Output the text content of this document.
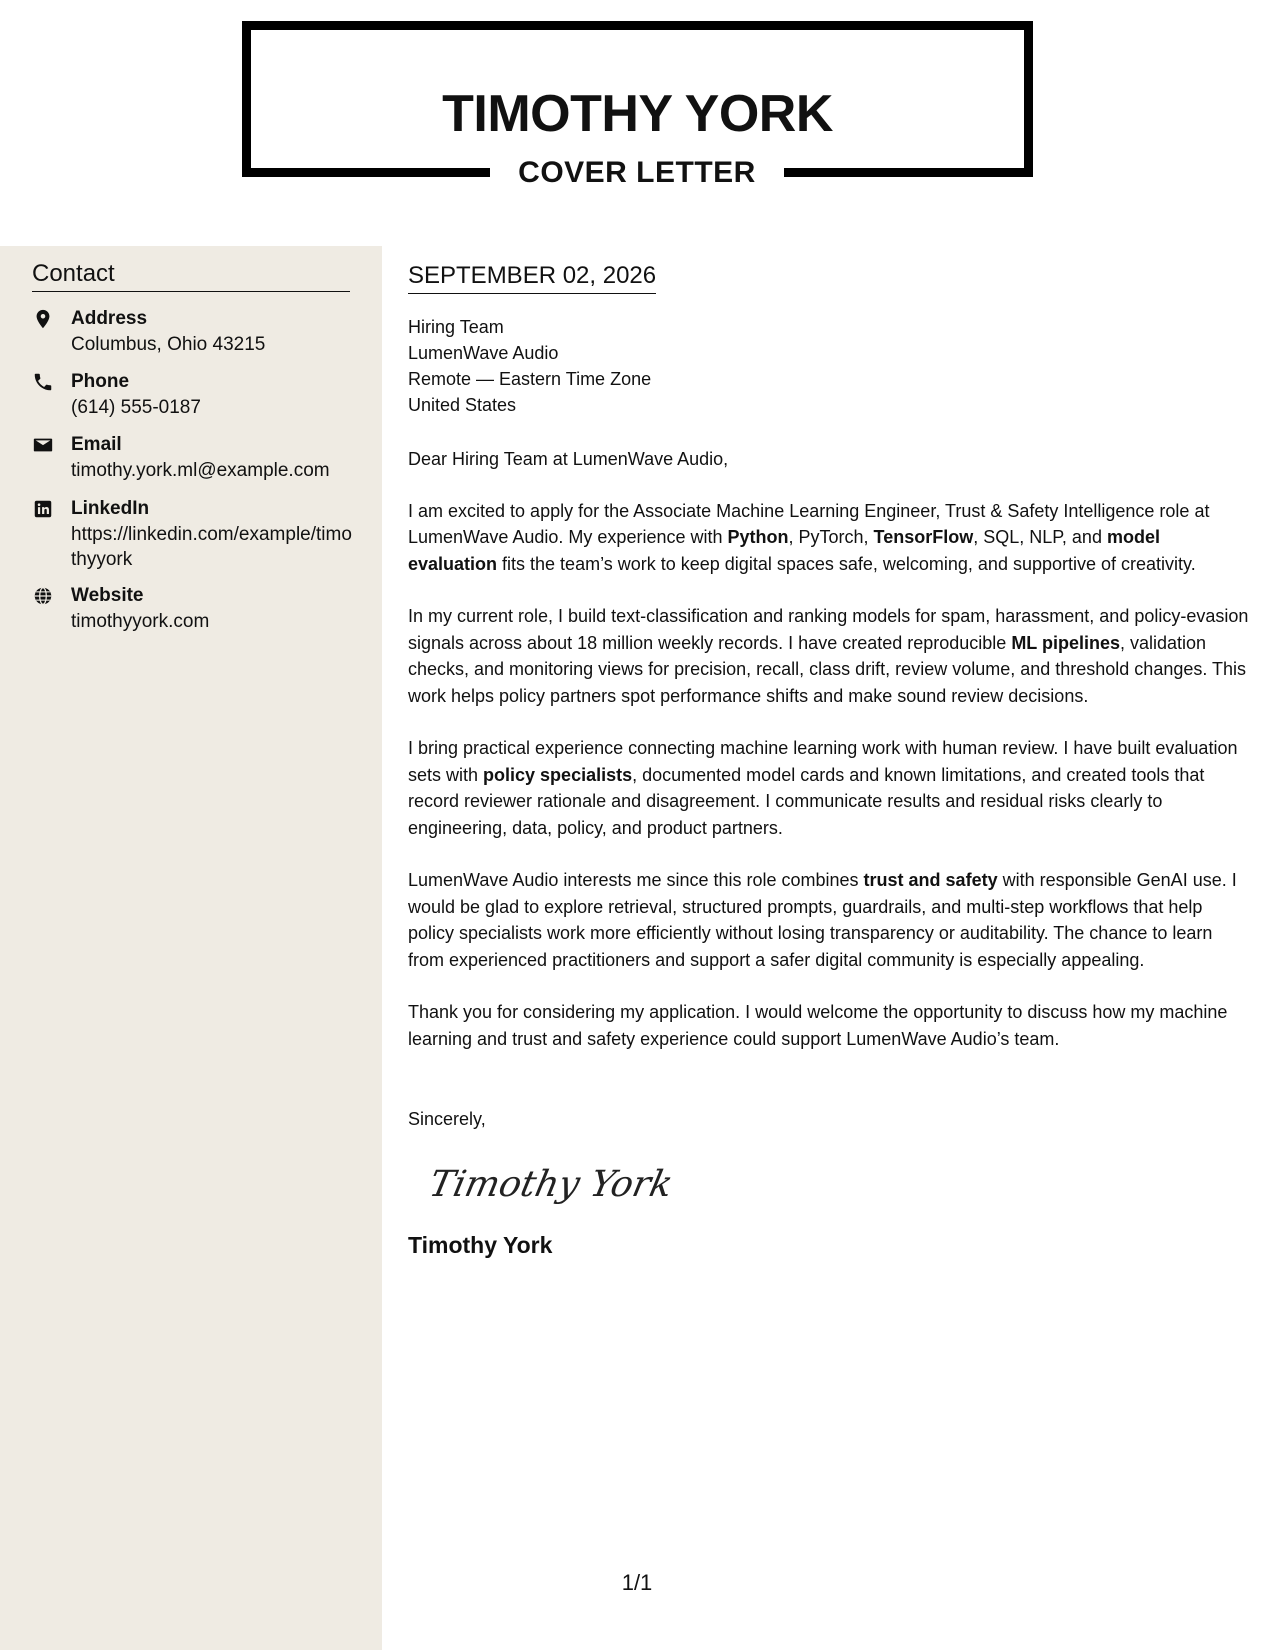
TIMOTHY YORK
COVER LETTER
Contact
Address
Columbus, Ohio 43215
Phone
(614) 555-0187
Email
timothy.york.ml@example.com
LinkedIn
https://linkedin.com/example/timothyyork
Website
timothyyork.com
SEPTEMBER 02, 2026
Hiring Team
LumenWave Audio
Remote — Eastern Time Zone
United States
Dear Hiring Team at LumenWave Audio,
I am excited to apply for the Associate Machine Learning Engineer, Trust & Safety Intelligence role at LumenWave Audio. My experience with Python, PyTorch, TensorFlow, SQL, NLP, and model evaluation fits the team’s work to keep digital spaces safe, welcoming, and supportive of creativity.
In my current role, I build text-classification and ranking models for spam, harassment, and policy-evasion signals across about 18 million weekly records. I have created reproducible ML pipelines, validation checks, and monitoring views for precision, recall, class drift, review volume, and threshold changes. This work helps policy partners spot performance shifts and make sound review decisions.
I bring practical experience connecting machine learning work with human review. I have built evaluation sets with policy specialists, documented model cards and known limitations, and created tools that record reviewer rationale and disagreement. I communicate results and residual risks clearly to engineering, data, policy, and product partners.
LumenWave Audio interests me since this role combines trust and safety with responsible GenAI use. I would be glad to explore retrieval, structured prompts, guardrails, and multi-step workflows that help policy specialists work more efficiently without losing transparency or auditability. The chance to learn from experienced practitioners and support a safer digital community is especially appealing.
Thank you for considering my application. I would welcome the opportunity to discuss how my machine learning and trust and safety experience could support LumenWave Audio’s team.
Sincerely,
Timothy York
Timothy York
1/1
